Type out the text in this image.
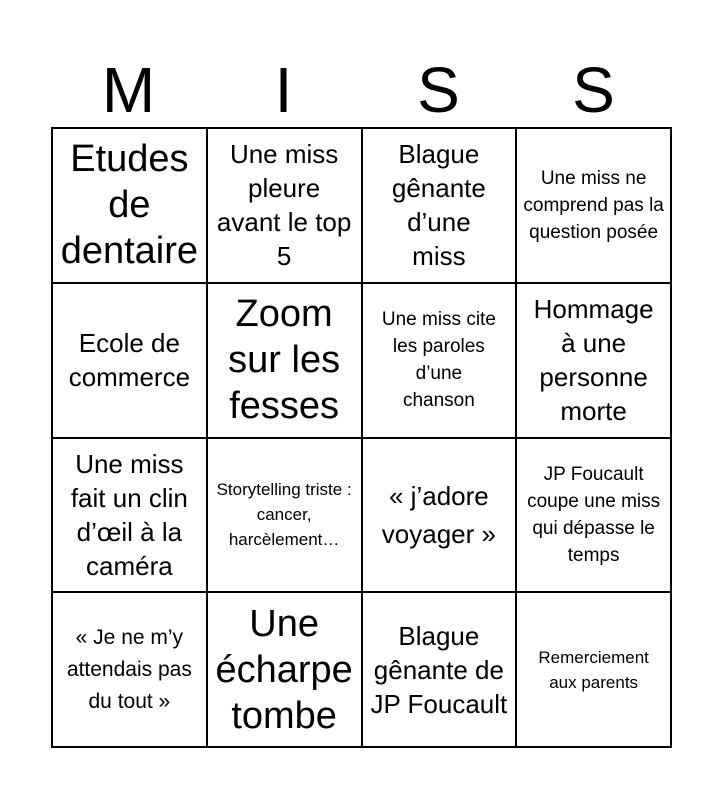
M	I	S	S
Etudes de dentaire
Une miss pleure avant le top 5
Blague gênante d’une miss
Une miss ne comprend pas la question posée
Ecole de commerce
Zoom sur les fesses
Une miss cite les paroles d’une chanson
Hommage à une personne morte
Une miss fait un clin d’œil à la caméra
Storytelling triste : cancer, harcèlement…
« j’adore voyager »
JP Foucault coupe une miss qui dépasse le temps
« Je ne m’y attendais pas du tout »
Une écharpe tombe
Blague gênante de JP Foucault
Remerciement aux parents
